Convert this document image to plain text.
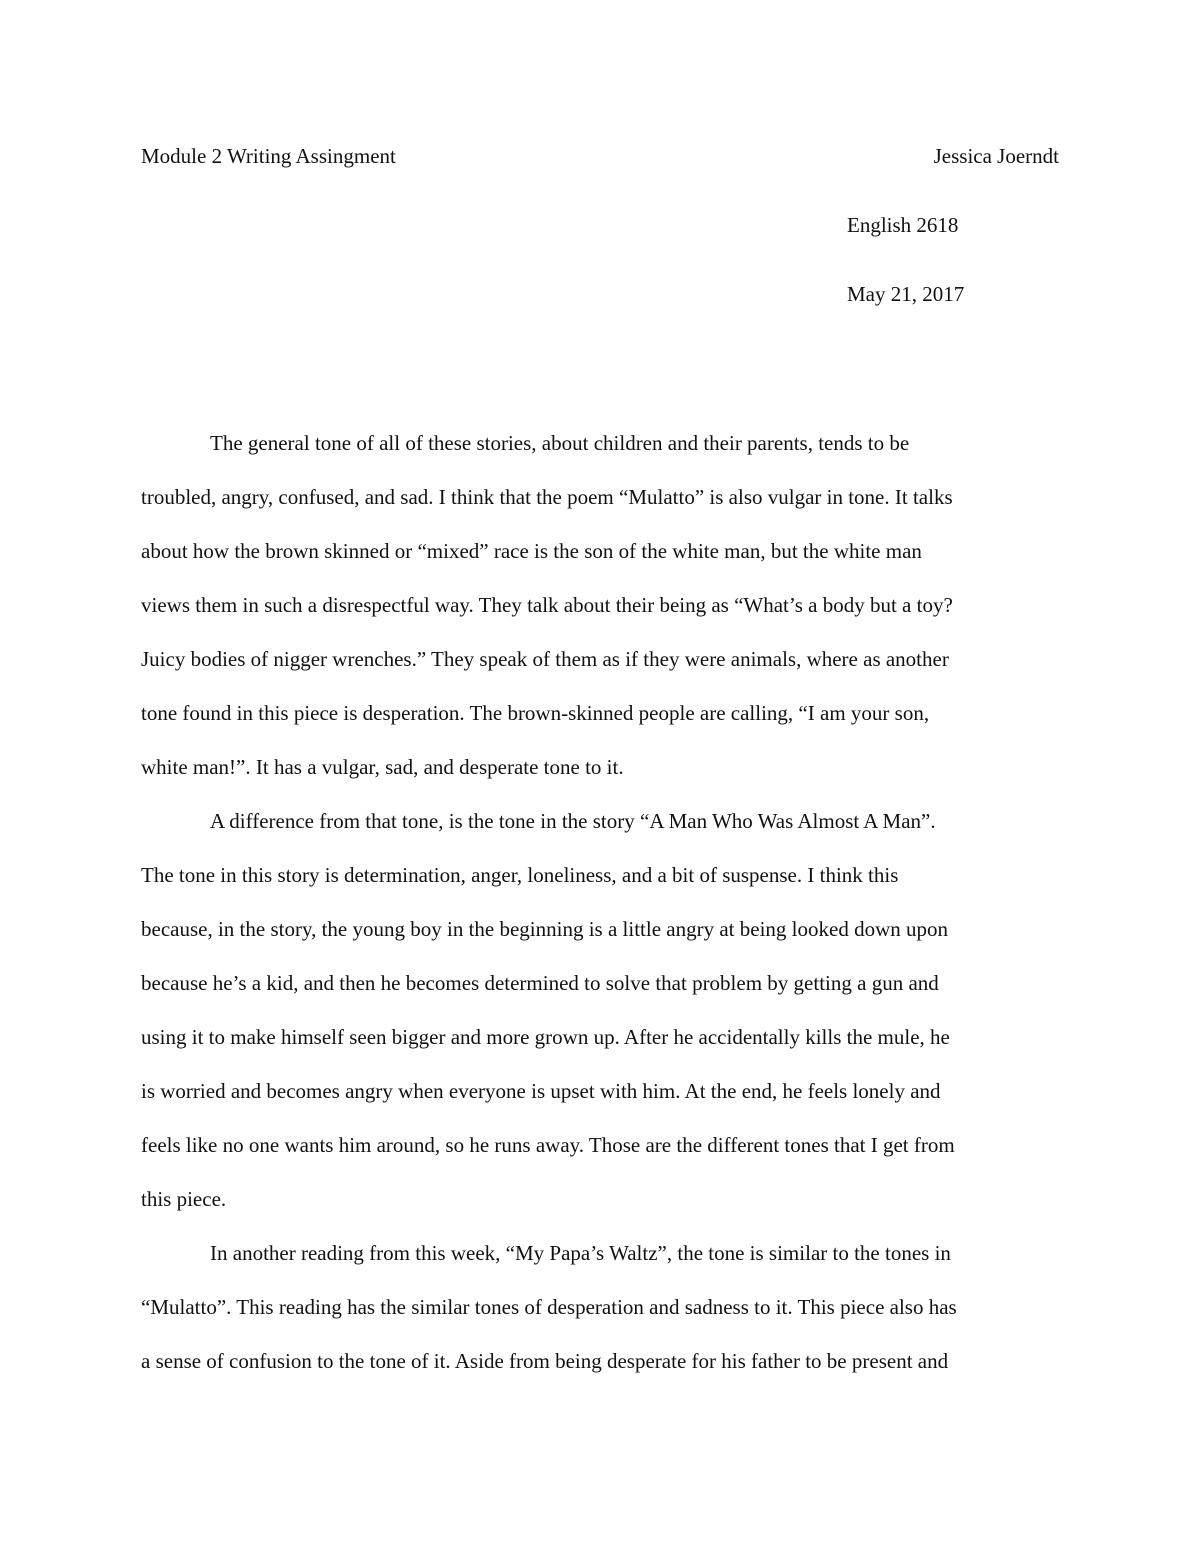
Module 2 Writing Assingment	Jessica Joerndt
English 2618
May 21, 2017
The general tone of all of these stories, about children and their parents, tends to be
troubled, angry, confused, and sad. I think that the poem “Mulatto” is also vulgar in tone. It talks
about how the brown skinned or “mixed” race is the son of the white man, but the white man
views them in such a disrespectful way. They talk about their being as “What’s a body but a toy?
Juicy bodies of nigger wrenches.” They speak of them as if they were animals, where as another
tone found in this piece is desperation. The brown-skinned people are calling, “I am your son,
white man!”. It has a vulgar, sad, and desperate tone to it.
A difference from that tone, is the tone in the story “A Man Who Was Almost A Man”.
The tone in this story is determination, anger, loneliness, and a bit of suspense. I think this
because, in the story, the young boy in the beginning is a little angry at being looked down upon
because he’s a kid, and then he becomes determined to solve that problem by getting a gun and
using it to make himself seen bigger and more grown up. After he accidentally kills the mule, he
is worried and becomes angry when everyone is upset with him. At the end, he feels lonely and
feels like no one wants him around, so he runs away. Those are the different tones that I get from
this piece.
In another reading from this week, “My Papa’s Waltz”, the tone is similar to the tones in
“Mulatto”. This reading has the similar tones of desperation and sadness to it. This piece also has
a sense of confusion to the tone of it. Aside from being desperate for his father to be present and
